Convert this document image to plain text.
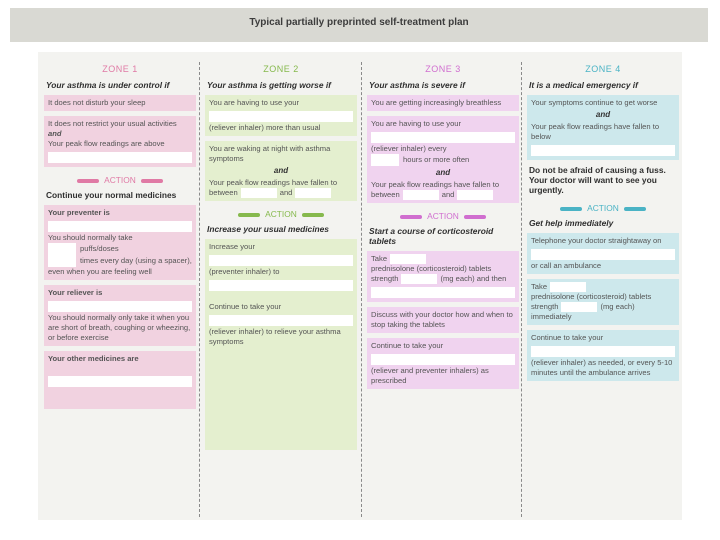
Typical partially preprinted self-treatment plan
ZONE 1
Your asthma is under control if
It does not disturb your sleep
It does not restrict your usual activities and
Your peak flow readings are above
ACTION
Continue your normal medicines
Your preventer is
You should normally take
puffs/doses
times every day (using a spacer), even when you are feeling well
Your reliever is
You should normally only take it when you are short of breath, coughing or wheezing, or before exercise
Your other medicines are
ZONE 2
Your asthma is getting worse if
You are having to use your
(reliever inhaler) more than usual
You are waking at night with asthma symptoms
and
Your peak flow readings have fallen to between	and
ACTION
Increase your usual medicines
Increase your
(preventer inhaler) to

Continue to take your
(reliever inhaler) to relieve your asthma symptoms
ZONE 3
Your asthma is severe if
You are getting increasingly breathless
You are having to use your
(reliever inhaler) every
hours or more often
and
Your peak flow readings have fallen to between	and
ACTION
Start a course of corticosteroid tablets
Take
prednisolone (corticosteroid) tablets strength	(mg each) and then
Discuss with your doctor how and when to stop taking the tablets
Continue to take your
(reliever and preventer inhalers) as prescribed
ZONE 4
It is a medical emergency if
Your symptoms continue to get worse
and
Your peak flow readings have fallen to below
Do not be afraid of causing a fuss. Your doctor will want to see you urgently.
ACTION
Get help immediately
Telephone your doctor straightaway on
or call an ambulance
Take
prednisolone (corticosteroid) tablets strength	(mg each) immediately
Continue to take your
(reliever inhaler) as needed, or every 5-10 minutes until the ambulance arrives
